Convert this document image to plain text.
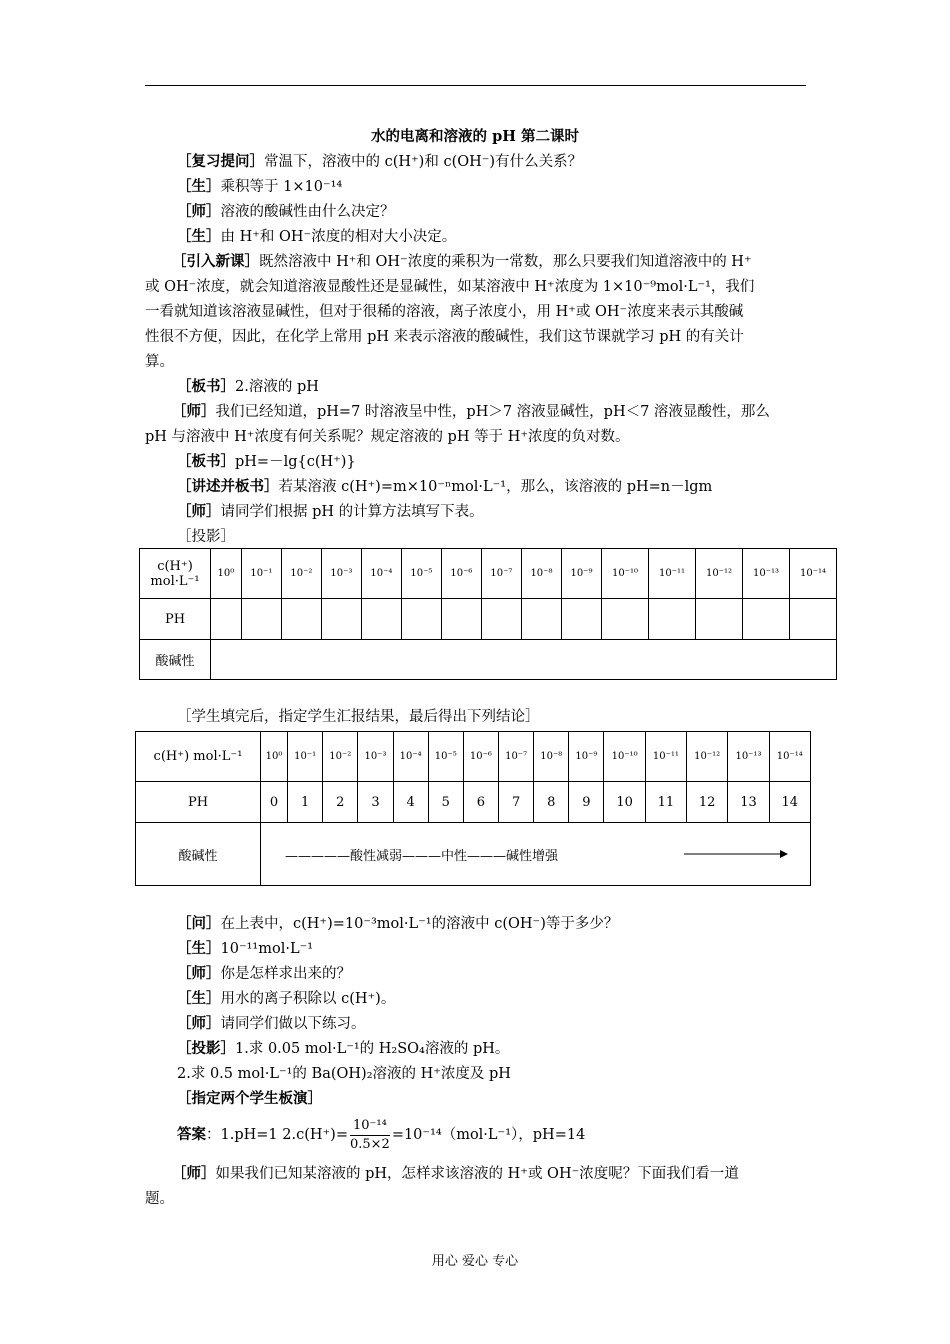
水的电离和溶液的 pH 第二课时
［复习提问］常温下，溶液中的 c(H⁺)和 c(OH⁻)有什么关系？
［生］乘积等于 1×10⁻¹⁴
［师］溶液的酸碱性由什么决定？
［生］由 H⁺和 OH⁻浓度的相对大小决定。
［引入新课］既然溶液中 H⁺和 OH⁻浓度的乘积为一常数，那么只要我们知道溶液中的 H⁺
或 OH⁻浓度，就会知道溶液显酸性还是显碱性，如某溶液中 H⁺浓度为 1×10⁻⁹mol·L⁻¹，我们
一看就知道该溶液显碱性，但对于很稀的溶液，离子浓度小，用 H⁺或 OH⁻浓度来表示其酸碱
性很不方便，因此，在化学上常用 pH 来表示溶液的酸碱性，我们这节课就学习 pH 的有关计
算。
［板书］2.溶液的 pH
［师］我们已经知道，pH=7 时溶液呈中性，pH＞7 溶液显碱性，pH＜7 溶液显酸性，那么
pH 与溶液中 H⁺浓度有何关系呢？规定溶液的 pH 等于 H⁺浓度的负对数。
［板书］pH=－lg{c(H⁺)}
［讲述并板书］若某溶液 c(H⁺)=m×10⁻ⁿmol·L⁻¹，那么，该溶液的 pH=n－lgm
［师］请同学们根据 pH 的计算方法填写下表。
［投影］
c(H⁺)
mol·L⁻¹	10⁰	10⁻¹	10⁻²	10⁻³	10⁻⁴	10⁻⁵	10⁻⁶	10⁻⁷	10⁻⁸	10⁻⁹	10⁻¹⁰	10⁻¹¹	10⁻¹²	10⁻¹³	10⁻¹⁴
PH															
酸碱性															
［学生填完后，指定学生汇报结果，最后得出下列结论］
c(H⁺) mol·L⁻¹	10⁰	10⁻¹	10⁻²	10⁻³	10⁻⁴	10⁻⁵	10⁻⁶	10⁻⁷	10⁻⁸	10⁻⁹	10⁻¹⁰	10⁻¹¹	10⁻¹²	10⁻¹³	10⁻¹⁴
PH	0	1	2	3	4	5	6	7	8	9	10	11	12	13	14
酸碱性	—————酸性减弱———中性———碱性增强														
［问］在上表中，c(H⁺)=10⁻³mol·L⁻¹的溶液中 c(OH⁻)等于多少？
［生］10⁻¹¹mol·L⁻¹
［师］你是怎样求出来的？
［生］用水的离子积除以 c(H⁺)。
［师］请同学们做以下练习。
［投影］1.求 0.05 mol·L⁻¹的 H₂SO₄溶液的 pH。
2.求 0.5 mol·L⁻¹的 Ba(OH)₂溶液的 H⁺浓度及 pH
［指定两个学生板演］
答案：1.pH=1 $2.c(H^+)= \frac{\text{10⁻¹⁴}}{0.5\times 2} =10^{-14}(mol\cdot L^{-1})$，pH=14
［师］如果我们已知某溶液的 pH，怎样求该溶液的 H⁺或 OH⁻浓度呢？下面我们看一道
题。
用心 爱心 专心
